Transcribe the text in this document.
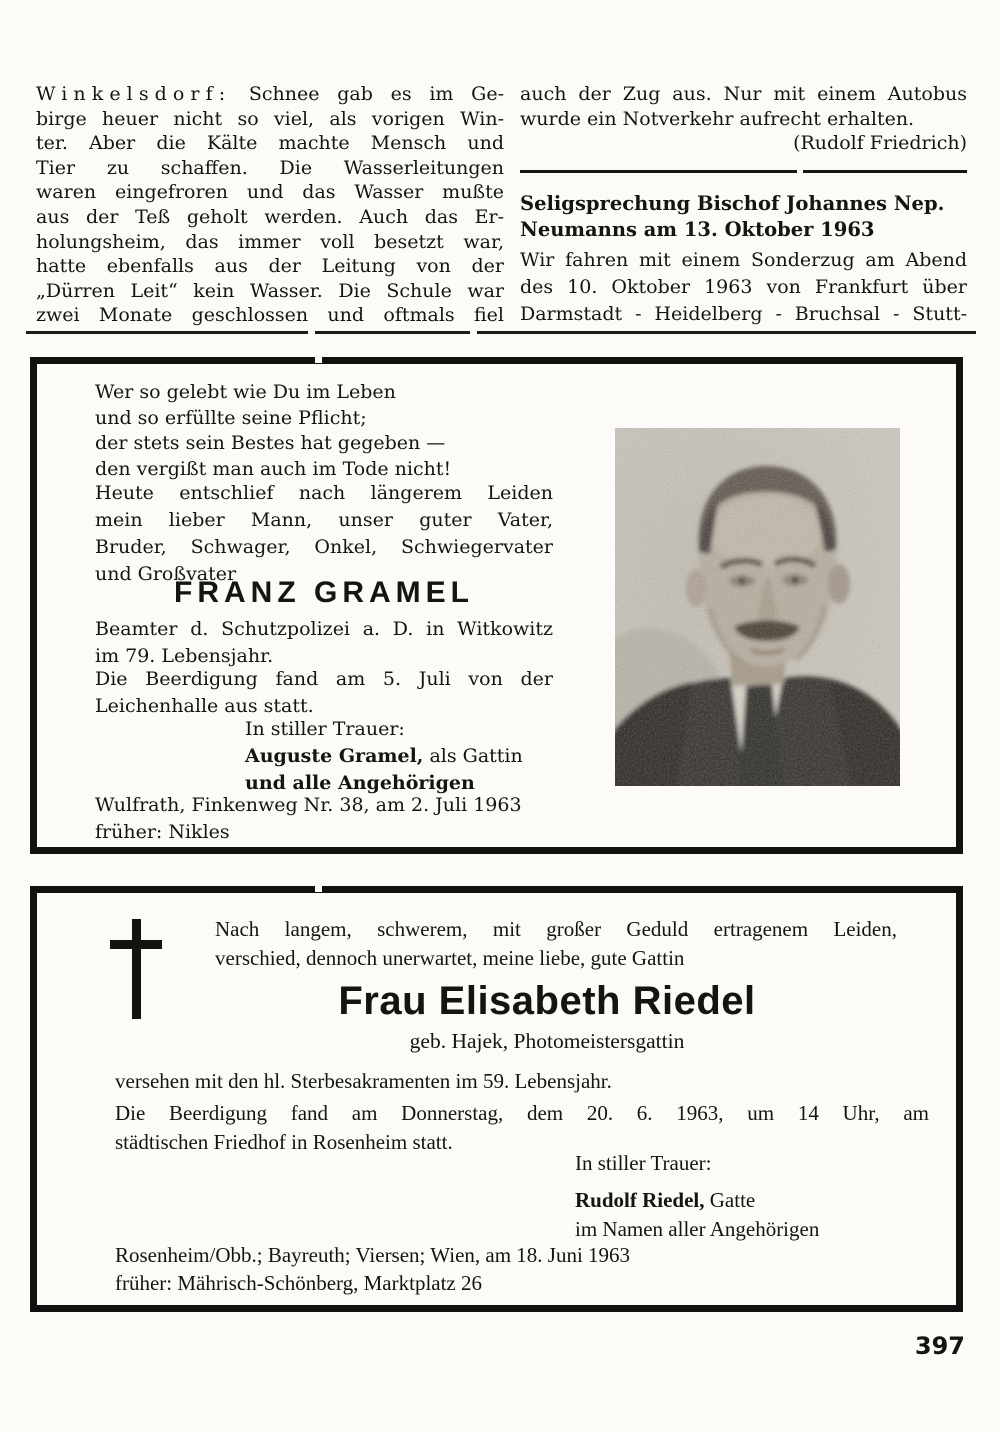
Winkelsdorf: Schnee gab es im Ge-
birge heuer nicht so viel, als vorigen Win-
ter. Aber die Kälte machte Mensch und
Tier zu schaffen. Die Wasserleitungen
waren eingefroren und das Wasser mußte
aus der Teß geholt werden. Auch das Er-
holungsheim, das immer voll besetzt war,
hatte ebenfalls aus der Leitung von der
„Dürren Leit“ kein Wasser. Die Schule war
zwei Monate geschlossen und oftmals fiel
auch der Zug aus. Nur mit einem Autobus
wurde ein Notverkehr aufrecht erhalten.
(Rudolf Friedrich)
Seligsprechung Bischof Johannes Nep.
Neumanns am 13. Oktober 1963
Wir fahren mit einem Sonderzug am Abend
des 10. Oktober 1963 von Frankfurt über
Darmstadt - Heidelberg - Bruchsal - Stutt-
Wer so gelebt wie Du im Leben
und so erfüllte seine Pflicht;
der stets sein Bestes hat gegeben —
den vergißt man auch im Tode nicht!
Heute entschlief nach längerem Leiden
mein lieber Mann, unser guter Vater,
Bruder, Schwager, Onkel, Schwiegervater
und Großvater
FRANZ GRAMEL
Beamter d. Schutzpolizei a. D. in Witkowitz
im 79. Lebensjahr.
Die Beerdigung fand am 5. Juli von der
Leichenhalle aus statt.
In stiller Trauer:
Auguste Gramel, als Gattin
und alle Angehörigen
Wulfrath, Finkenweg Nr. 38, am 2. Juli 1963
früher: Nikles
Nach langem, schwerem, mit großer Geduld ertragenem Leiden,
verschied, dennoch unerwartet, meine liebe, gute Gattin
Frau Elisabeth Riedel
geb. Hajek, Photomeistersgattin
versehen mit den hl. Sterbesakramenten im 59. Lebensjahr.
Die Beerdigung fand am Donnerstag, dem 20. 6. 1963, um 14 Uhr, am
städtischen Friedhof in Rosenheim statt.
In stiller Trauer:
Rudolf Riedel, Gatte
im Namen aller Angehörigen
Rosenheim/Obb.; Bayreuth; Viersen; Wien, am 18. Juni 1963
früher: Mährisch-Schönberg, Marktplatz 26
397
